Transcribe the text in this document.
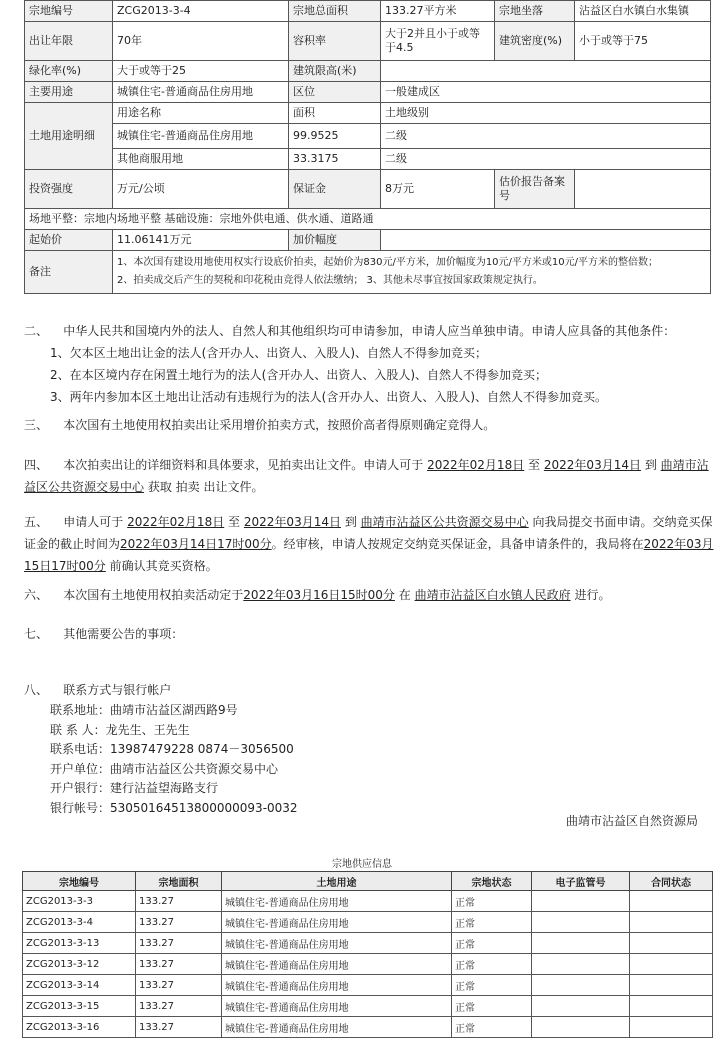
宗地编号	ZCG2013-3-4	宗地总面积	133.27平方米	宗地坐落	沾益区白水镇白水集镇
出让年限	70年	容积率	大于2并且小于或等于4.5	建筑密度(%)	小于或等于75
绿化率(%)	大于或等于25	建筑限高(米)			
主要用途	城镇住宅-普通商品住房用地	区位	一般建成区		
土地用途明细	用途名称	面积	土地级别		
	城镇住宅-普通商品住房用地	99.9525	二级		
	其他商服用地	33.3175	二级		
投资强度	万元/公顷	保证金	8万元	估价报告备案号	
场地平整：宗地内场地平整 基础设施：宗地外供电通、供水通、道路通					
起始价	11.06141万元	加价幅度			
备注	1、本次国有建设用地使用权实行设底价拍卖，起始价为830元/平方米，加价幅度为10元/平方米或10元/平方米的整倍数；
2、拍卖成交后产生的契税和印花税由竞得人依法缴纳； 3、其他未尽事宜按国家政策规定执行。				
二、 中华人民共和国境内外的法人、自然人和其他组织均可申请参加，申请人应当单独申请。申请人应具备的其他条件：
1、欠本区土地出让金的法人(含开办人、出资人、入股人)、自然人不得参加竞买；
2、在本区境内存在闲置土地行为的法人(含开办人、出资人、入股人)、自然人不得参加竞买；
3、两年内参加本区土地出让活动有违规行为的法人(含开办人、出资人、入股人)、自然人不得参加竞买。
三、 本次国有土地使用权拍卖出让采用增价拍卖方式，按照价高者得原则确定竞得人。
四、 本次拍卖出让的详细资料和具体要求，见拍卖出让文件。申请人可于 2022年02月18日 至 2022年03月14日 到 曲靖市沾益区公共资源交易中心 获取 拍卖 出让文件。
五、 申请人可于 2022年02月18日 至 2022年03月14日 到 曲靖市沾益区公共资源交易中心 向我局提交书面申请。交纳竞买保证金的截止时间为2022年03月14日17时00分。经审核，申请人按规定交纳竞买保证金，具备申请条件的，我局将在2022年03月15日17时00分 前确认其竞买资格。
六、 本次国有土地使用权拍卖活动定于2022年03月16日15时00分 在 曲靖市沾益区白水镇人民政府 进行。
七、 其他需要公告的事项：
八、 联系方式与银行帐户
联系地址：曲靖市沾益区湖西路9号
联 系 人：龙先生、王先生
联系电话：13987479228 0874－3056500
开户单位：曲靖市沾益区公共资源交易中心
开户银行：建行沾益望海路支行
银行帐号：53050164513800000093-0032
曲靖市沾益区自然资源局
宗地供应信息
宗地编号	宗地面积	土地用途	宗地状态	电子监管号	合同状态
ZCG2013-3-3	133.27	城镇住宅-普通商品住房用地	正常		
ZCG2013-3-4	133.27	城镇住宅-普通商品住房用地	正常		
ZCG2013-3-13	133.27	城镇住宅-普通商品住房用地	正常		
ZCG2013-3-12	133.27	城镇住宅-普通商品住房用地	正常		
ZCG2013-3-14	133.27	城镇住宅-普通商品住房用地	正常		
ZCG2013-3-15	133.27	城镇住宅-普通商品住房用地	正常		
ZCG2013-3-16	133.27	城镇住宅-普通商品住房用地	正常		
